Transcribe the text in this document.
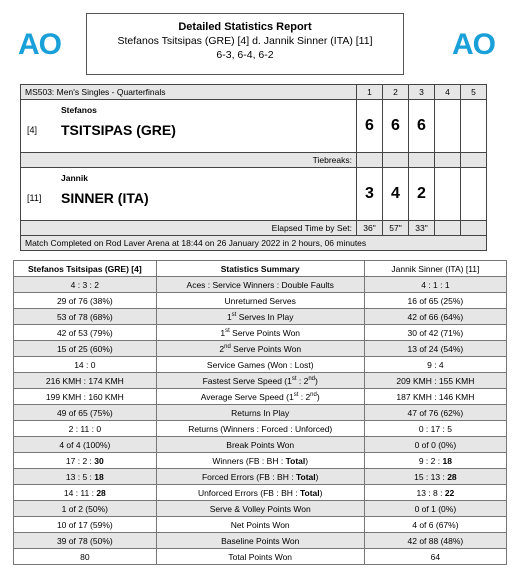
AO	AO
Detailed Statistics Report
Stefanos Tsitsipas (GRE) [4] d. Jannik Sinner (ITA) [11]
6-3, 6-4, 6-2
MS503: Men's Singles - Quarterfinals	1	2	3	4	5

Stefanos
[4] TSITSIPAS (GRE)	6	6	6		
Tiebreaks:					

Jannik
[11] SINNER (ITA)	3	4	2		
Elapsed Time by Set:	36"	57"	33"		
Match Completed on Rod Laver Arena at 18:44 on 26 January 2022 in 2 hours, 06 minutes					
Stefanos Tsitsipas (GRE) [4]	Statistics Summary	Jannik Sinner (ITA) [11]
4 : 3 : 2	Aces : Service Winners : Double Faults	4 : 1 : 1
29 of 76 (38%)	Unreturned Serves	16 of 65 (25%)
53 of 78 (68%)	1st Serves In Play	42 of 66 (64%)
42 of 53 (79%)	1st Serve Points Won	30 of 42 (71%)
15 of 25 (60%)	2nd Serve Points Won	13 of 24 (54%)
14 : 0	Service Games (Won : Lost)	9 : 4
216 KMH : 174 KMH	Fastest Serve Speed (1st : 2nd)	209 KMH : 155 KMH
199 KMH : 160 KMH	Average Serve Speed (1st : 2nd)	187 KMH : 146 KMH
49 of 65 (75%)	Returns In Play	47 of 76 (62%)
2 : 11 : 0	Returns (Winners : Forced : Unforced)	0 : 17 : 5
4 of 4 (100%)	Break Points Won	0 of 0 (0%)
17 : 2 : 30	Winners (FB : BH : Total)	9 : 2 : 18
13 : 5 : 18	Forced Errors (FB : BH : Total)	15 : 13 : 28
14 : 11 : 28	Unforced Errors (FB : BH : Total)	13 : 8 : 22
1 of 2 (50%)	Serve & Volley Points Won	0 of 1 (0%)
10 of 17 (59%)	Net Points Won	4 of 6 (67%)
39 of 78 (50%)	Baseline Points Won	42 of 88 (48%)
80	Total Points Won	64
